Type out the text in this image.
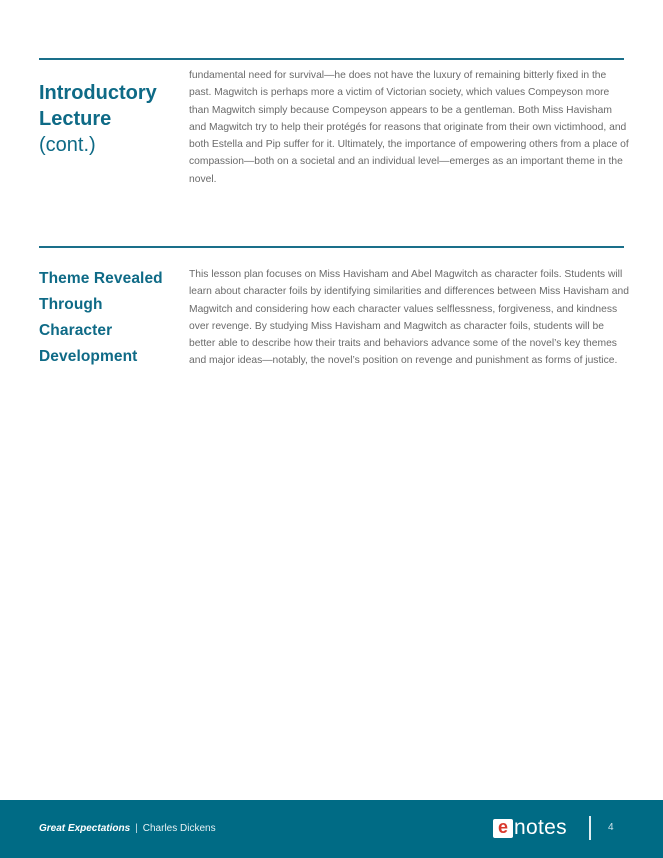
Introductory Lecture
(cont.)

fundamental need for survival—he does not have the luxury of remaining bitterly fixed in the past. Magwitch is perhaps more a victim of Victorian society, which values Compeyson more than Magwitch simply because Compeyson appears to be a gentleman. Both Miss Havisham and Magwitch try to help their protégés for reasons that originate from their own victimhood, and both Estella and Pip suffer for it. Ultimately, the importance of empowering others from a place of compassion—both on a societal and an individual level—emerges as an important theme in the novel.

Theme Revealed Through Character Development

This lesson plan focuses on Miss Havisham and Abel Magwitch as character foils. Students will learn about character foils by identifying similarities and differences between Miss Havisham and Magwitch and considering how each character values selflessness, forgiveness, and kindness over revenge. By studying Miss Havisham and Magwitch as character foils, students will be better able to describe how their traits and behaviors advance some of the novel’s key themes and major ideas—notably, the novel’s position on revenge and punishment as forms of justice.

Great Expectations | Charles Dickens	e notes	4
